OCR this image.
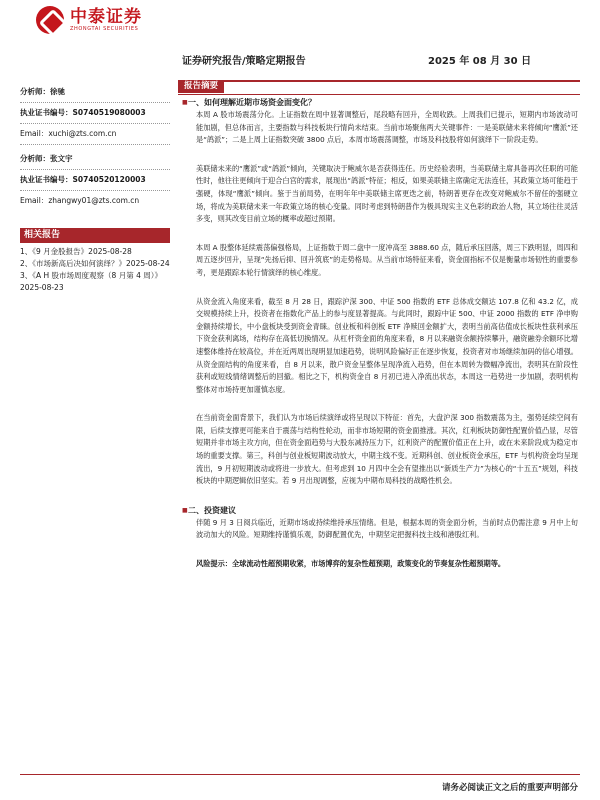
中泰证券
ZHONGTAI SECURITIES
证券研究报告/策略定期报告	2025 年 08 月 30 日
分析师：徐驰
执业证书编号：S0740519080003
Email：xuchi@zts.com.cn
分析师：张文宇
执业证书编号：S0740520120003
Email：zhangwy01@zts.com.cn
相关报告
1、《9 月金股报告》2025-08-28
2、《市场新高后决如何演绎？》2025-08-24
3、《A H 股市场周度观察（8 月第 4 周）》2025-08-23
报告摘要
■ 一、如何理解近期市场资金面变化？

本周 A 股市场震荡分化。上证指数在周中显著调整后，尾段略有回升，全周收跌。上周我们已提示，短期内市场波动可能加剧，但总体而言，主要指数与科技板块行情尚未结束。当前市场聚焦两大关键事件：一是美联储未来将倾向“鹰派”还是“鸽派”；二是上周上证指数突破 3800 点后，本周市场震荡调整，市场及科技股将如何演绎下一阶段走势。

美联储未来的“鹰派”或“鸽派”倾向，关键取决于鲍威尔是否获得连任。历史经验表明，当美联储主席具备再次任职的可能性时，他往往更倾向于迎合白宫的需求，展现出“鸽派”特征；相反，如果美联储主席确定无法连任，其政策立场可能趋于强硬，体现“鹰派”倾向。鉴于当前局势，在明年年中美联储主席更迭之前，特朗普更存在改变对鲍威尔不留任的强硬立场，将成为美联储未来一年政策立场的核心变量。同时考虑到特朗普作为极具现实主义色彩的政治人物，其立场往往灵活多变，则其改变目前立场的概率或超过预期。

本周 A 股整体延续震荡偏强格局，上证指数于周二盘中一度冲高至 3888.60 点，随后承压回落，周三下跌明显，周四和周五逐步回升，呈现“先扬后抑、回升筑底”的走势格局。从当前市场特征来看，资金面指标不仅是衡量市场韧性的重要参考，更是跟踪本轮行情演绎的核心维度。

从资金流入角度来看，截至 8 月 28 日，跟踪沪深 300、中证 500 指数的 ETF 总体成交额达 107.8 亿和 43.2 亿，成交规模持续上升，投资者在指数化产品上的参与度显著提高。与此同时，跟踪中证 500、中证 2000 指数的 ETF 净申购金额持续增长，中小盘板块受到资金青睐。创业板和科创板 ETF 净赎回金额扩大，表明当前高估值成长板块性获利承压下资金获利离场，结构存在高低切换情况。从杠杆资金面的角度来看，8 月以来融资余额持续攀升，融资融券余额环比增速整体维持在较高位，并在近两周出现明显加速趋势，说明风险偏好正在逐步恢复，投资者对市场继续加码的信心增强。从资金面结构的角度来看，自 8 月以来，散户资金呈整体呈现净流入趋势，但在本周转为微幅净流出，表明其在阶段性获利或短线情绪调整后的回撤。相比之下，机构资金自 8 月初已进入净流出状态，本周这一趋势进一步加剧，表明机构整体对市场持更加谨慎态度。

在当前资金面背景下，我们认为市场后续演绎或将呈现以下特征：首先，大盘沪深 300 指数震荡为主，强势延续空间有限，后续支撑更可能来自于震荡与结构性轮动，而非市场短期的资金面推涨。其次，红利板块防御性配置价值凸显，尽管短期并非市场主攻方向，但在资金面趋势与大股东减持压力下，红利资产的配置价值正在上升，或在未来阶段成为稳定市场的重要支撑。第三，科创与创业板短期波动放大，中期主线不变。近期科创、创业板资金承压，ETF 与机构资金均呈现流出，9 月初短期波动或将进一步放大。但考虑到 10 月四中全会有望推出以“新质生产力”为核心的“十五五”规划，科技板块的中期逻辑依旧坚实。若 9 月出现调整，应视为中期布局科技的战略性机会。

■ 二、投资建议

伴随 9 月 3 日阅兵临近，近期市场或持续维持承压情绪。但是，根据本周的资金面分析，当前时点仍需注意 9 月中上旬波动加大的风险。短期维持谨慎乐观，防御配置优先，中期坚定把握科技主线和港股红利。

风险提示：全球流动性超预期收紧，市场博弈的复杂性超预期，政策变化的节奏复杂性超预期等。

请务必阅读正文之后的重要声明部分
